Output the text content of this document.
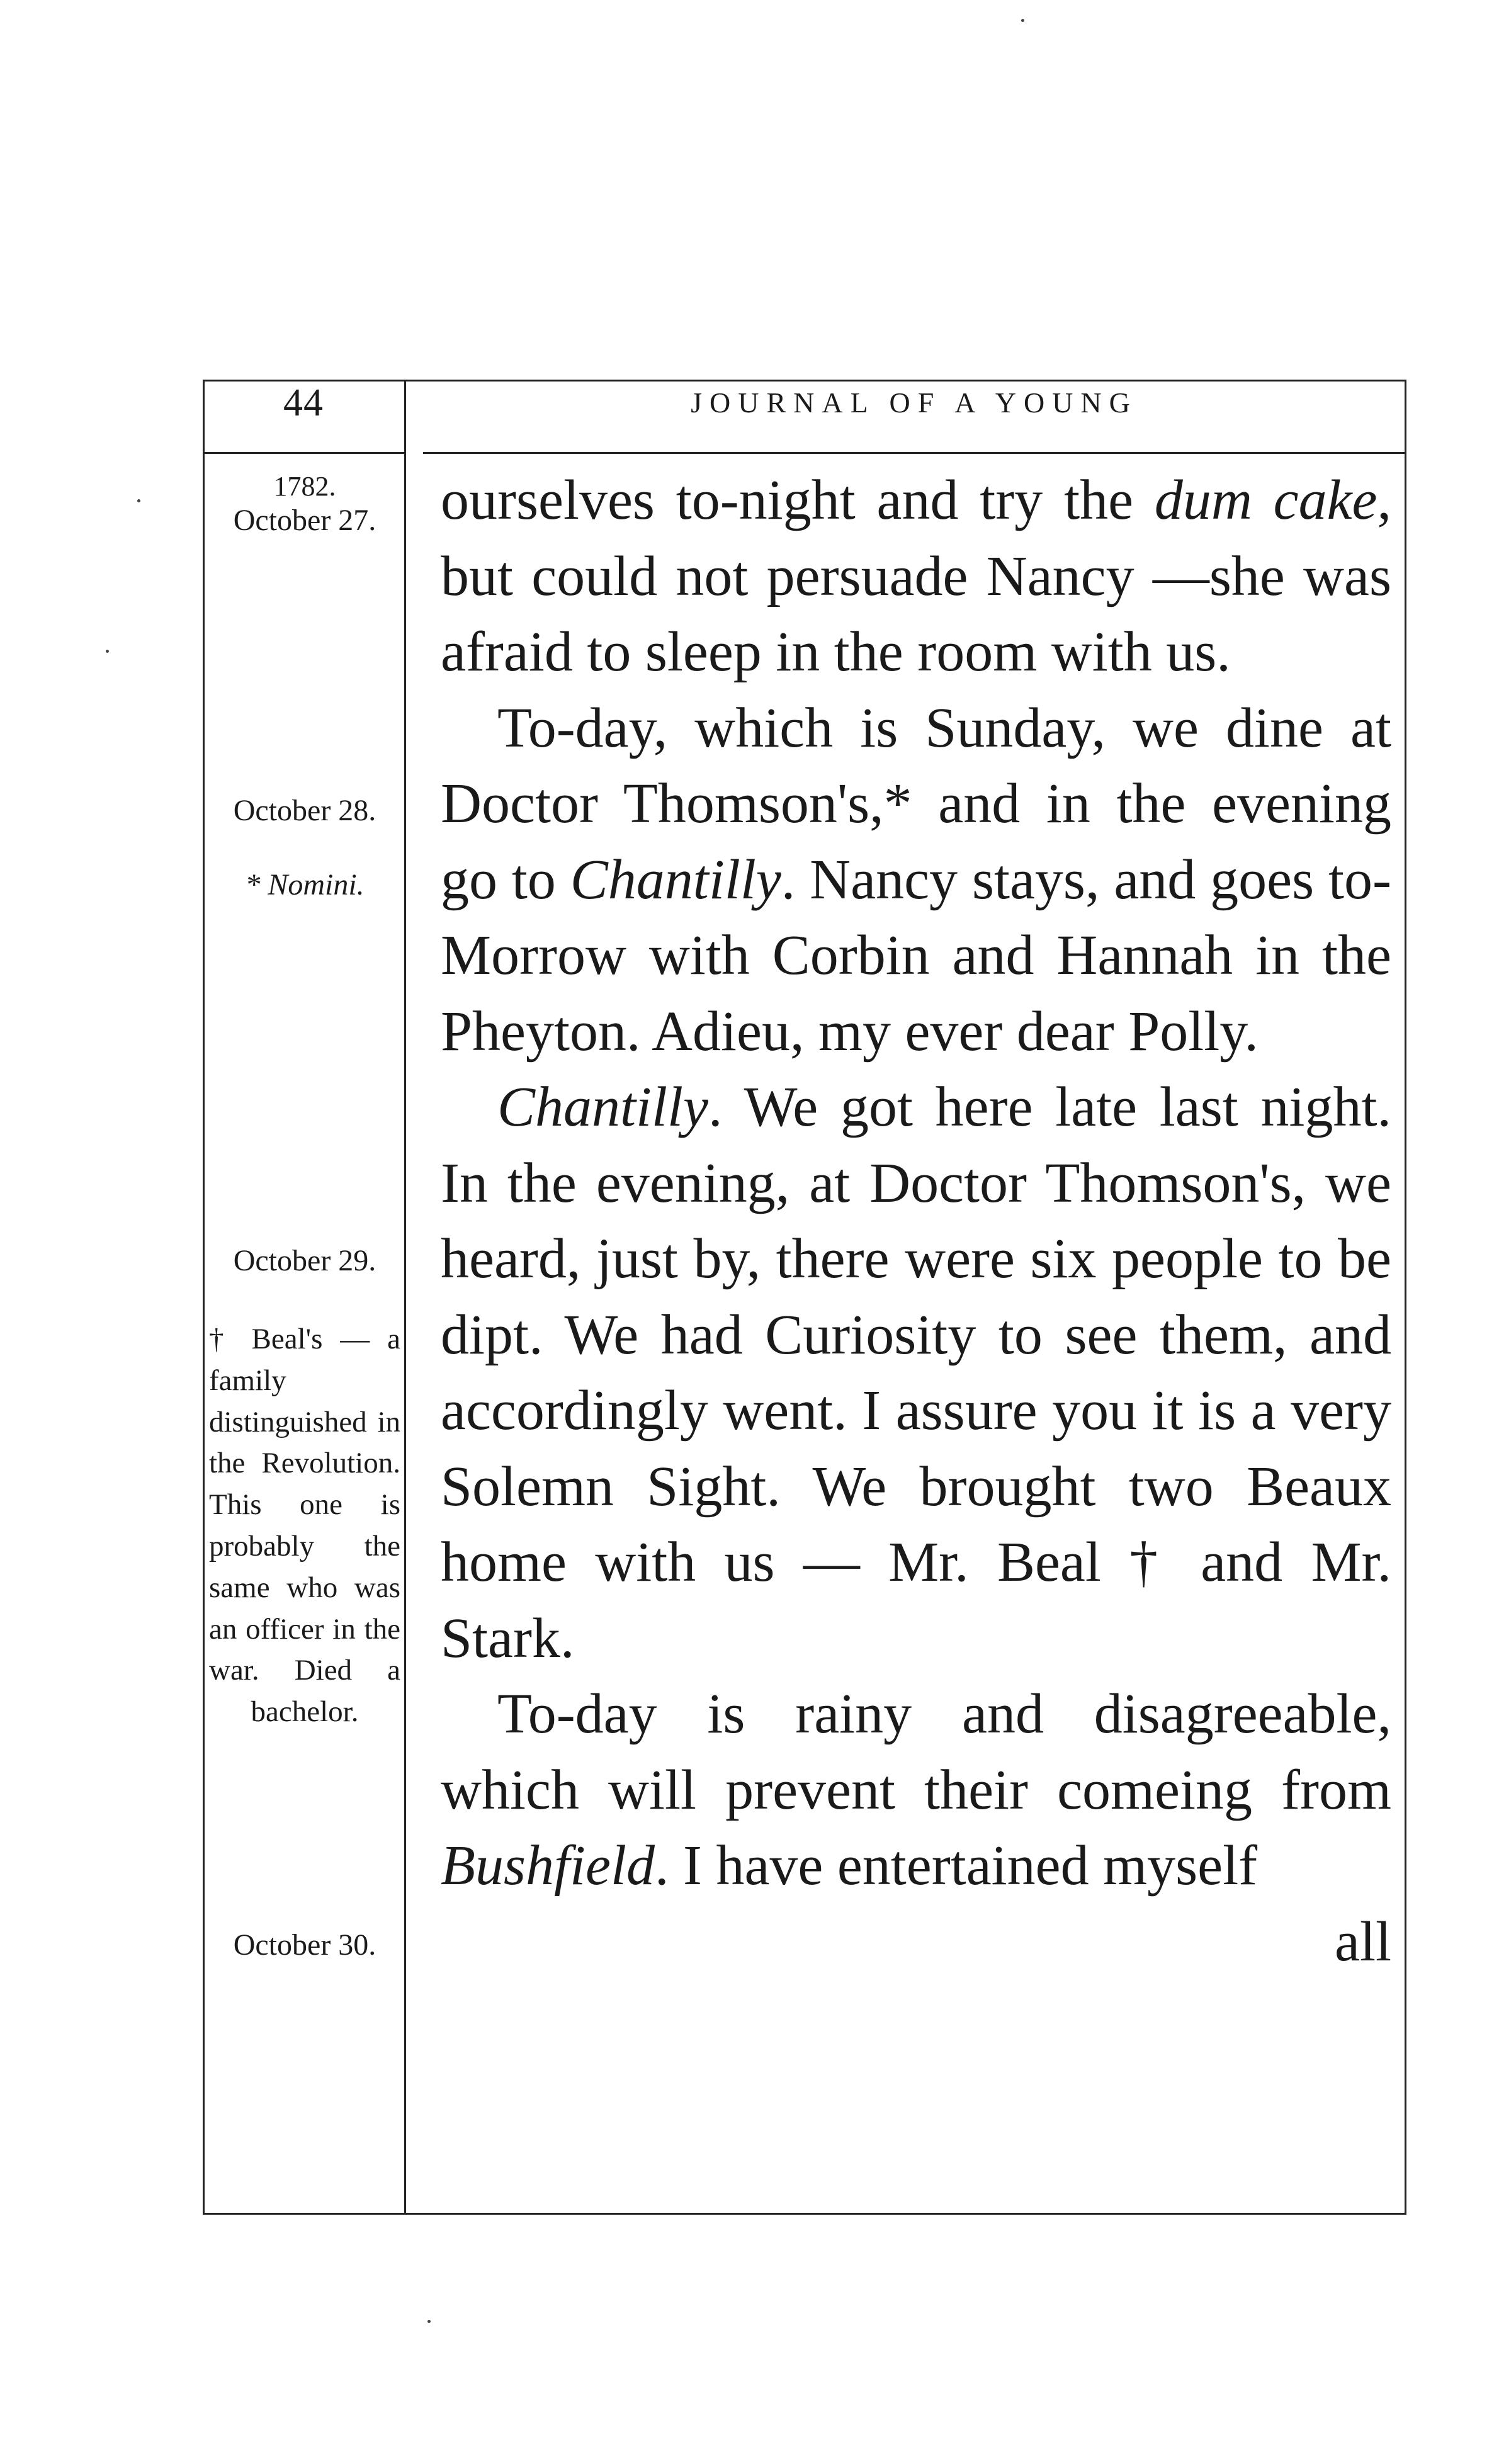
44	JOURNAL OF A YOUNG
1782.
October 27.
October 28.
* Nomini.
October 29.
† Beal's — a family distinguished in the Revolution. This one is probably the same who was an officer in the war. Died a bachelor.
October 30.

ourselves to-night and try the dum cake, but could not persuade Nancy —she was afraid to sleep in the room with us.

To-day, which is Sunday, we dine at Doctor Thomson's,* and in the evening go to Chantilly. Nancy stays, and goes to-Morrow with Corbin and Hannah in the Pheyton. Adieu, my ever dear Polly.

Chantilly. We got here late last night. In the evening, at Doctor Thomson's, we heard, just by, there were six people to be dipt. We had Curiosity to see them, and accordingly went. I assure you it is a very Solemn Sight. We brought two Beaux home with us — Mr. Beal † and Mr. Stark.

To-day is rainy and disagreeable, which will prevent their comeing from Bushfield. I have entertained myself

all
